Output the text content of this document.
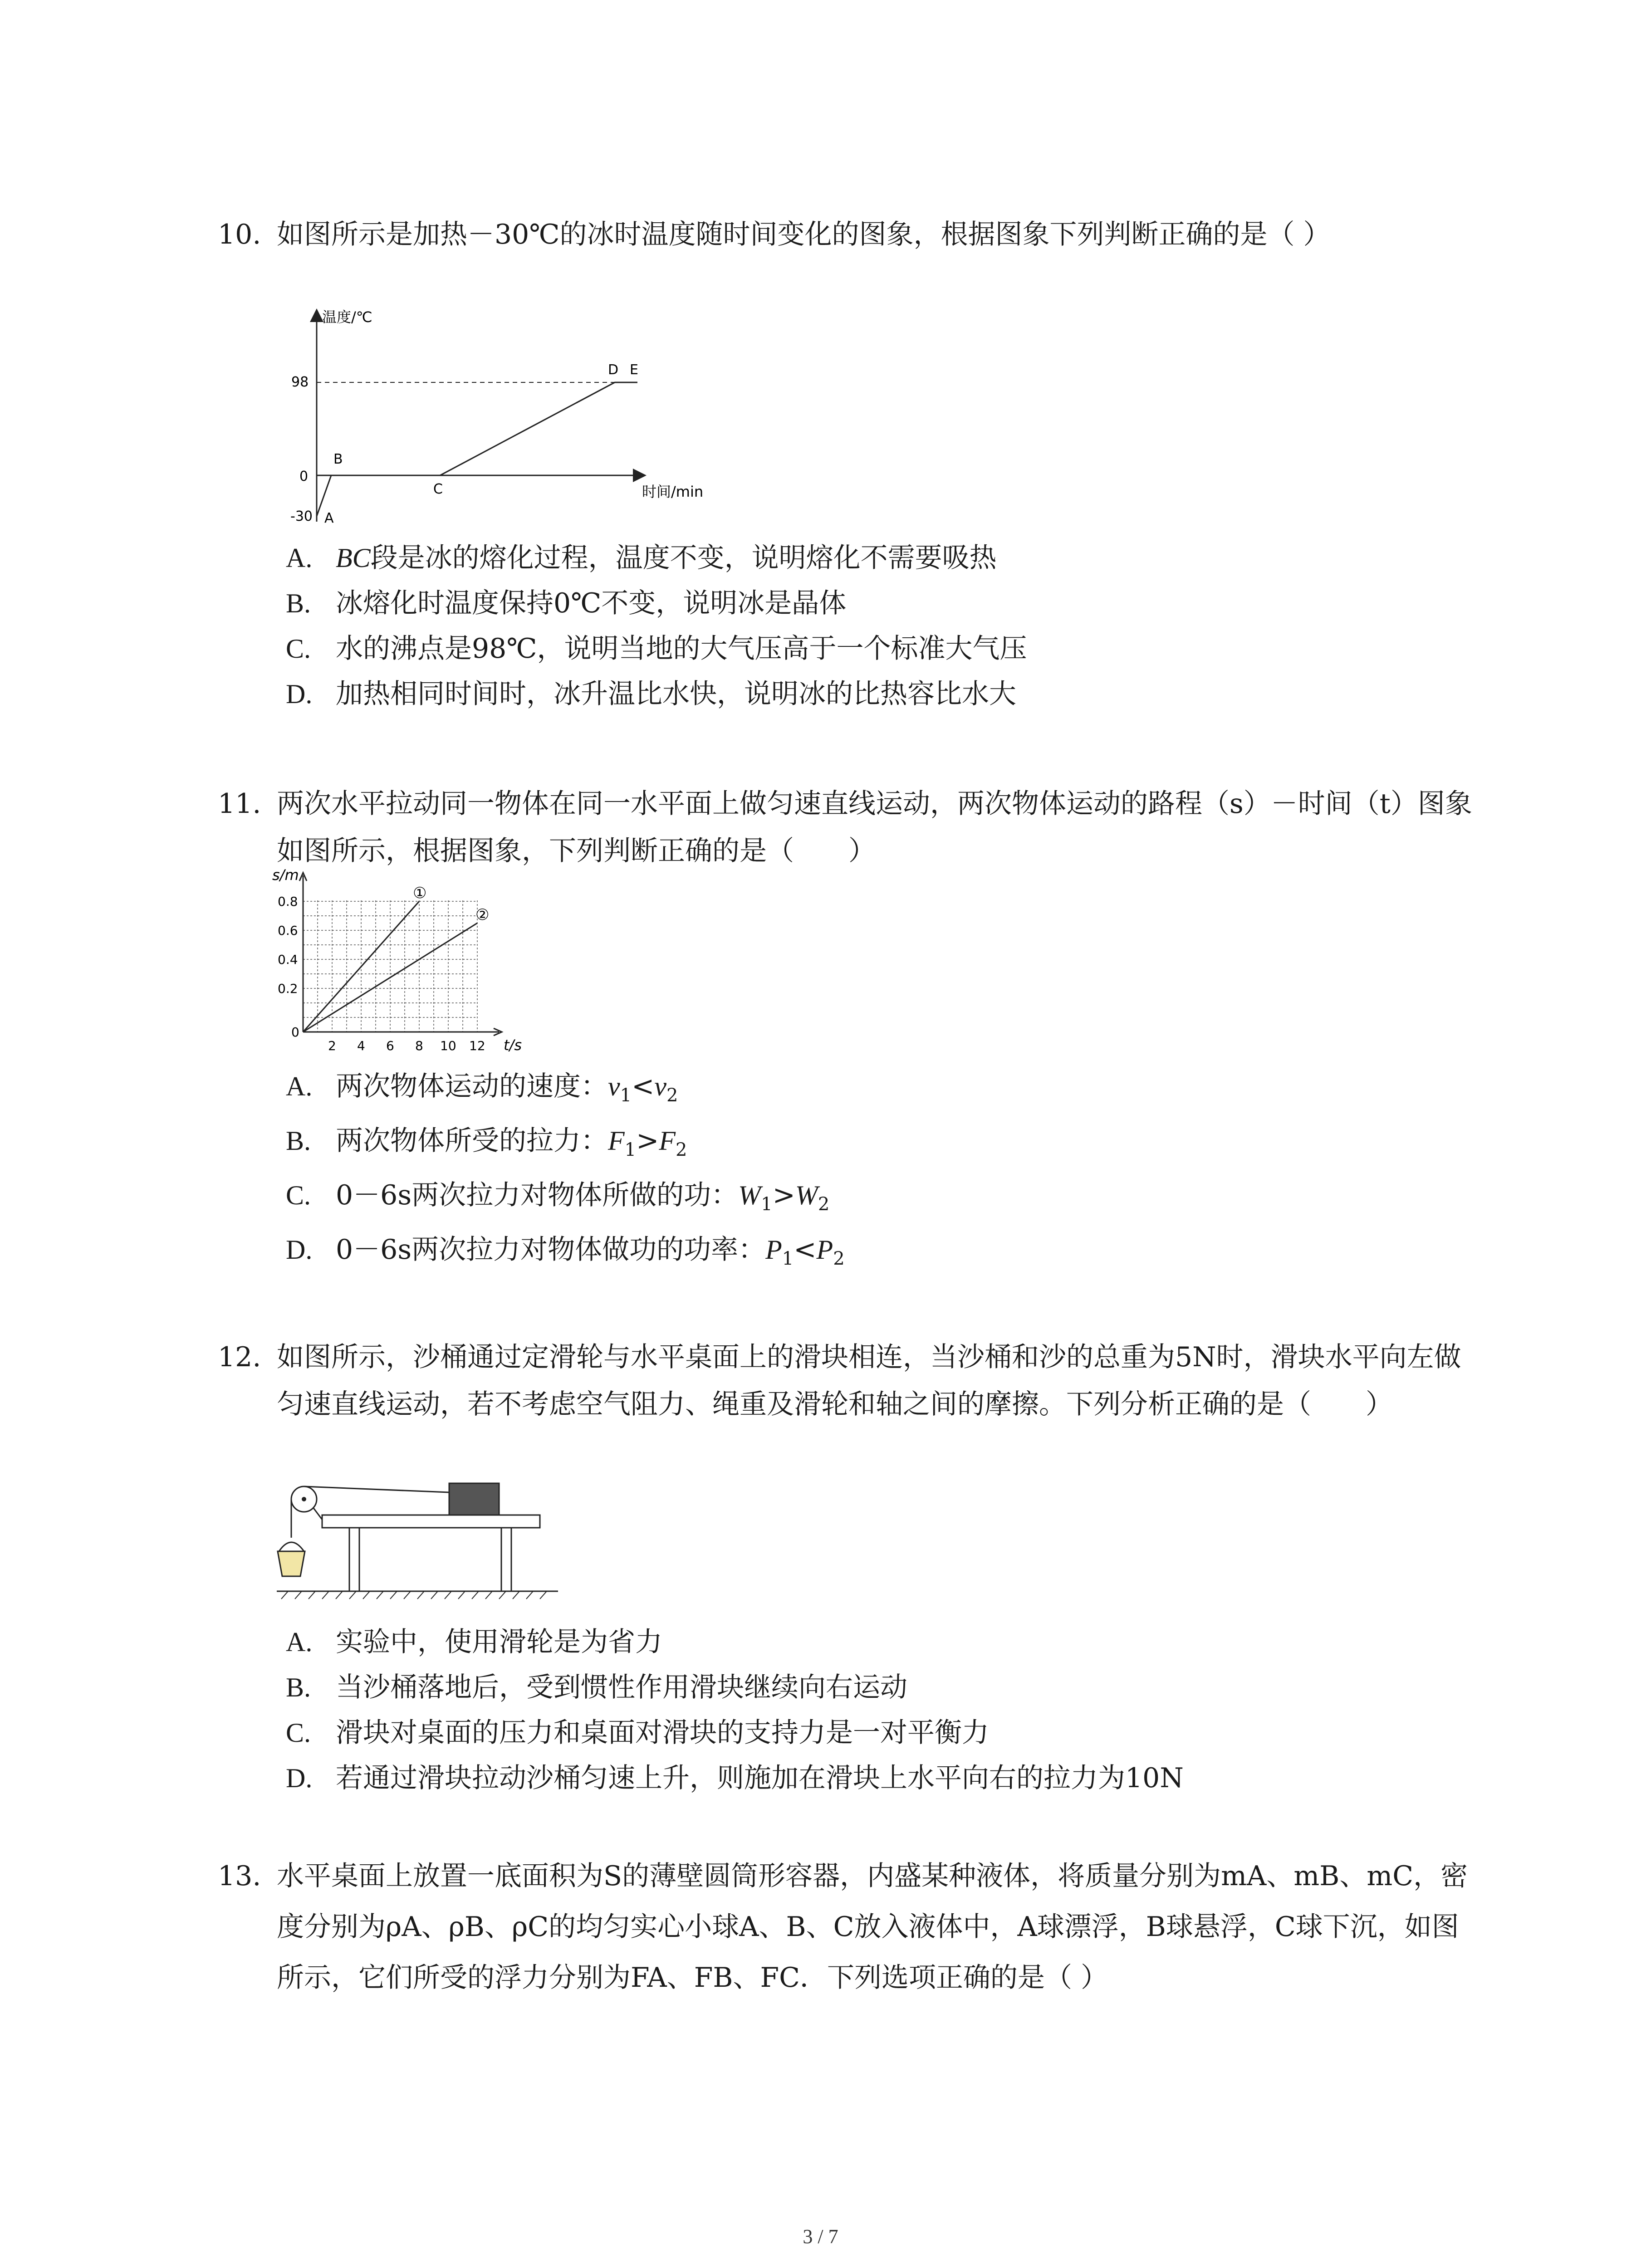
10. 如图所示是加热－30℃的冰时温度随时间变化的图象，根据图象下列判断正确的是（ ）
温度/℃
时间/min
98
0
-30 A
B
C
D E
A. BC段是冰的熔化过程，温度不变，说明熔化不需要吸热
B. 冰熔化时温度保持0℃不变，说明冰是晶体
C. 水的沸点是98℃，说明当地的大气压高于一个标准大气压
D. 加热相同时间时，冰升温比水快，说明冰的比热容比水大
11. 两次水平拉动同一物体在同一水平面上做匀速直线运动，两次物体运动的路程（s）－时间（t）图象如图所示，根据图象，下列判断正确的是（　　）
s/m
t/s
0.8
0.6
0.4
0.2
0
2 4 6 8 10 12
①
②
A. 两次物体运动的速度：$v_1<v_2$
B. 两次物体所受的拉力：$F_1>F_2$
C. 0－6s两次拉力对物体所做的功：$W_1>W_2$
D. 0－6s两次拉力对物体做功的功率：$P_1<P_2$
12. 如图所示，沙桶通过定滑轮与水平桌面上的滑块相连，当沙桶和沙的总重为5N时，滑块水平向左做匀速直线运动，若不考虑空气阻力、绳重及滑轮和轴之间的摩擦。下列分析正确的是（　　）
A. 实验中，使用滑轮是为省力
B. 当沙桶落地后，受到惯性作用滑块继续向右运动
C. 滑块对桌面的压力和桌面对滑块的支持力是一对平衡力
D. 若通过滑块拉动沙桶匀速上升，则施加在滑块上水平向右的拉力为10N
13. 水平桌面上放置一底面积为S的薄壁圆筒形容器，内盛某种液体，将质量分别为mA、mB、mC，密度分别为ρA、ρB、ρC的均匀实心小球A、B、C放入液体中，A球漂浮，B球悬浮，C球下沉，如图所示，它们所受的浮力分别为FA、FB、FC．下列选项正确的是（ ）
3 / 7
